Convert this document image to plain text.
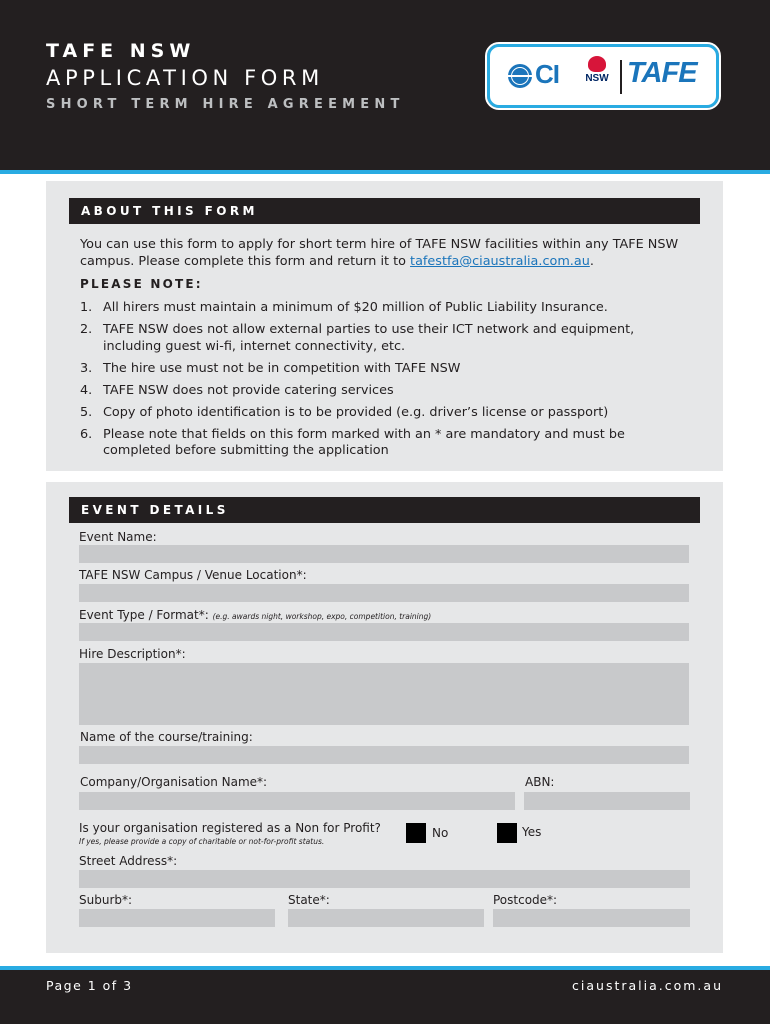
TAFE NSW
APPLICATION FORM
SHORT TERM HIRE AGREEMENT
CI	NSW TAFE
ABOUT THIS FORM
You can use this form to apply for short term hire of TAFE NSW facilities within any TAFE NSW campus. Please complete this form and return it to tafestfa@ciaustralia.com.au.
PLEASE NOTE:
1. All hirers must maintain a minimum of $20 million of Public Liability Insurance.
2. TAFE NSW does not allow external parties to use their ICT network and equipment, including guest wi-fi, internet connectivity, etc.
3. The hire use must not be in competition with TAFE NSW
4. TAFE NSW does not provide catering services
5. Copy of photo identification is to be provided (e.g. driver’s license or passport)
6. Please note that fields on this form marked with an * are mandatory and must be completed before submitting the application
EVENT DETAILS
Event Name:
TAFE NSW Campus / Venue Location*:
Event Type / Format*: (e.g. awards night, workshop, expo, competition, training)
Hire Description*:
Name of the course/training:
Company/Organisation Name*:	ABN:
Is your organisation registered as a Non for Profit?
If yes, please provide a copy of charitable or not-for-profit status.
No	Yes
Street Address*:
Suburb*:	State*:	Postcode*:
Page 1 of 3	ciaustralia.com.au
